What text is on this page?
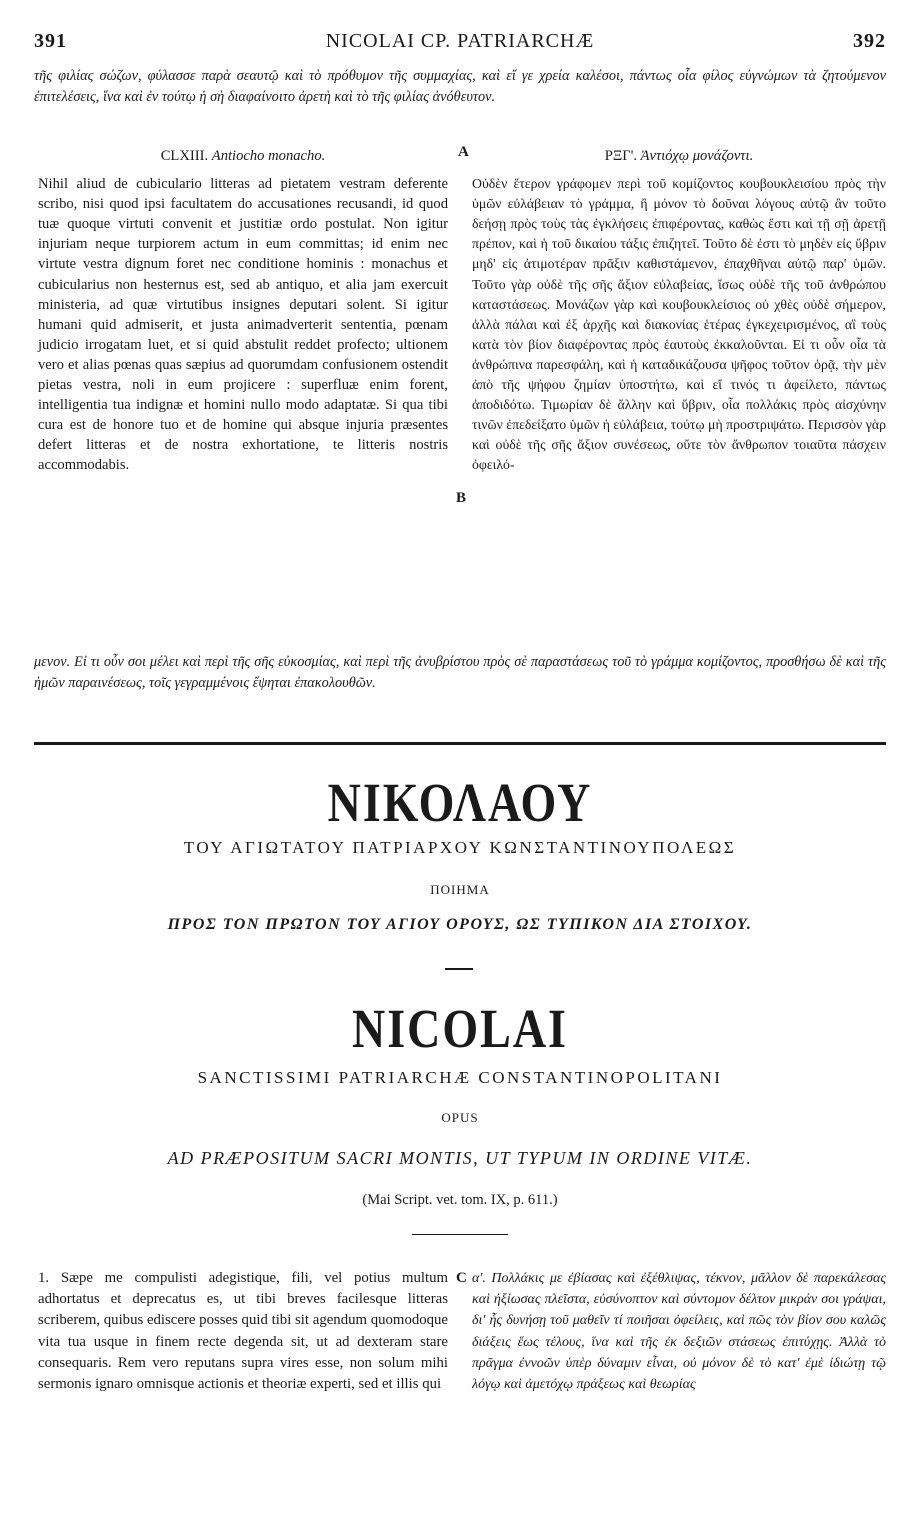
391	NICOLAI CP. PATRIARCHÆ	392

τῆς φιλίας σώζων, φύλασσε παρὰ σεαυτῷ καὶ τὸ πρόθυμον τῆς συμμαχίας, καὶ εἴ γε χρεία καλέσοι, πάντως οἷα φίλος εὐγνώμων τὰ ζητούμενον ἐπιτελέσεις, ἵνα καὶ ἐν τούτῳ ἡ σὴ διαφαίνοιτο ἀρετὴ καὶ τὸ τῆς φιλίας ἀνόθευτον.

CLXIII. Antiocho monacho.

Nihil aliud de cubiculario litteras ad pietatem vestram deferente scribo, nisi quod ipsi facultatem do accusationes recusandi, id quod tuæ quoque virtuti convenit et justitiæ ordo postulat. Non igitur injuriam neque turpiorem actum in eum committas; id enim nec virtute vestra dignum foret nec conditione hominis : monachus et cubicularius non hesternus est, sed ab antiquo, et alia jam exercuit ministeria, ad quæ virtutibus insignes deputari solent. Si igitur humani quid admiserit, et justa animadverterit sententia, pœnam judicio irrogatam luet, et si quid abstulit reddet profecto; ultionem vero et alias pœnas quas sæpius ad quorumdam confusionem ostendit pietas vestra, noli in eum projicere : superfluæ enim forent, intelligentia tua indignæ et homini nullo modo adaptatæ. Si qua tibi cura est de honore tuo et de homine qui absque injuria præsentes defert litteras et de nostra exhortatione, te litteris nostris accommodabis.

A	ΡΞΓ'. Ἀντιόχῳ μονάζοντι.

Οὐδὲν ἕτερον γράφομεν περὶ τοῦ κομίζοντος κουβουκλεισίου πρὸς τὴν ὑμῶν εὐλάβειαν τὸ γράμμα, ἢ μόνον τὸ δοῦναι λόγους αὐτῷ ἂν τοῦτο δεήσῃ πρὸς τοὺς τὰς ἐγκλήσεις ἐπιφέροντας, καθὼς ἔστι καὶ τῇ σῇ ἀρετῇ πρέπον, καὶ ἡ τοῦ δικαίου τάξις ἐπιζητεῖ. Τοῦτο δὲ ἐστι τὸ μηδὲν εἰς ὕβριν μηδ' εἰς ἀτιμοτέραν πρᾶξιν καθιστάμενον, ἐπαχθῆναι αὐτῷ παρ' ὑμῶν. Τοῦτο γὰρ οὐδὲ τῆς σῆς ἄξιον εὐλαβείας, ἴσως οὐδὲ τῆς τοῦ ἀνθρώπου καταστάσεως. Μονάζων γὰρ καὶ κουβουκλείσιος οὐ χθὲς οὐδὲ σήμερον, ἀλλὰ πάλαι καὶ ἐξ ἀρχῆς καὶ διακονίας ἑτέρας ἐγκεχειρισμένος, αἳ τοὺς κατὰ τὸν βίον διαφέροντας πρὸς ἑαυτοὺς ἐκκαλοῦνται. Εἰ τι οὖν οἷα τὰ ἀνθρώπινα παρεσφάλη, καὶ ἡ καταδικάζουσα ψῆφος τοῦτον ὁρᾷ, τὴν μὲν ἀπὸ τῆς ψήφου ζημίαν ὑποστήτω, καὶ εἴ τινός τι ἀφείλετο, πάντως ἀποδιδότω. Τιμωρίαν δὲ ἄλλην καὶ ὕβριν, οἷα πολλάκις πρὸς αἰσχύνην τινῶν ἐπεδείξατο ὑμῶν ἡ εὐλάβεια, τούτῳ μὴ προστριψάτω. Περισσὸν γὰρ καὶ οὐδὲ τῆς σῆς ἄξιον συνέσεως, οὔτε τὸν ἄνθρωπον τοιαῦτα πάσχειν ὀφειλό-

B

μενον. Εἰ τι οὖν σοι μέλει καὶ περὶ τῆς σῆς εὐκοσμίας, καὶ περὶ τῆς ἀνυβρίστου πρὸς σὲ παραστάσεως τοῦ τὸ γράμμα κομίζοντος, προσθήσω δὲ καὶ τῆς ἡμῶν παραινέσεως, τοῖς γεγραμμένοις ἔψηται ἐπακολουθῶν.

ΝΙΚΟΛΑΟΥ
ΤΟΥ ΑΓΙΩΤΑΤΟΥ ΠΑΤΡΙΑΡΧΟΥ ΚΩΝΣΤΑΝΤΙΝΟΥΠΟΛΕΩΣ
ΠΟΙΗΜΑ
ΠΡΟΣ ΤΟΝ ΠΡΩΤΟΝ ΤΟΥ ΑΓΙΟΥ ΟΡΟΥΣ, ΩΣ ΤΥΠΙΚΟΝ ΔΙΑ ΣΤΟΙΧΟΥ.
NICOLAI
SANCTISSIMI PATRIARCHÆ CONSTANTINOPOLITANI
OPUS
AD PRÆPOSITUM SACRI MONTIS, UT TYPUM IN ORDINE VITÆ.
(Mai Script. vet. tom. IX, p. 611.)

1. Sæpe me compulisti adegistique, fili, vel potius multum adhortatus et deprecatus es, ut tibi breves facilesque litteras scriberem, quibus ediscere posses quid tibi sit agendum quomodoque vita tua usque in finem recte degenda sit, ut ad dexteram stare consequaris. Rem vero reputans supra vires esse, non solum mihi sermonis ignaro omnisque actionis et theoriæ experti, sed et illis qui

C α'. Πολλάκις με ἐβίασας καὶ ἐξέθλιψας, τέκνον, μᾶλλον δὲ παρεκάλεσας καὶ ἠξίωσας πλεῖστα, εὐσύνοπτον καὶ σύντομον δέλτον μικράν σοι γράψαι, δι' ἧς δυνήσῃ τοῦ μαθεῖν τί ποιῆσαι ὀφείλεις, καὶ πῶς τὸν βίον σου καλῶς διάξεις ἕως τέλους, ἵνα καὶ τῆς ἐκ δεξιῶν στάσεως ἐπιτύχῃς. Ἀλλὰ τὸ πρᾶγμα ἐννοῶν ὑπὲρ δύναμιν εἶναι, οὐ μόνον δὲ τὸ κατ' ἐμὲ ἰδιώτῃ τῷ λόγῳ καὶ ἀμετόχῳ πράξεως καὶ θεωρίας
